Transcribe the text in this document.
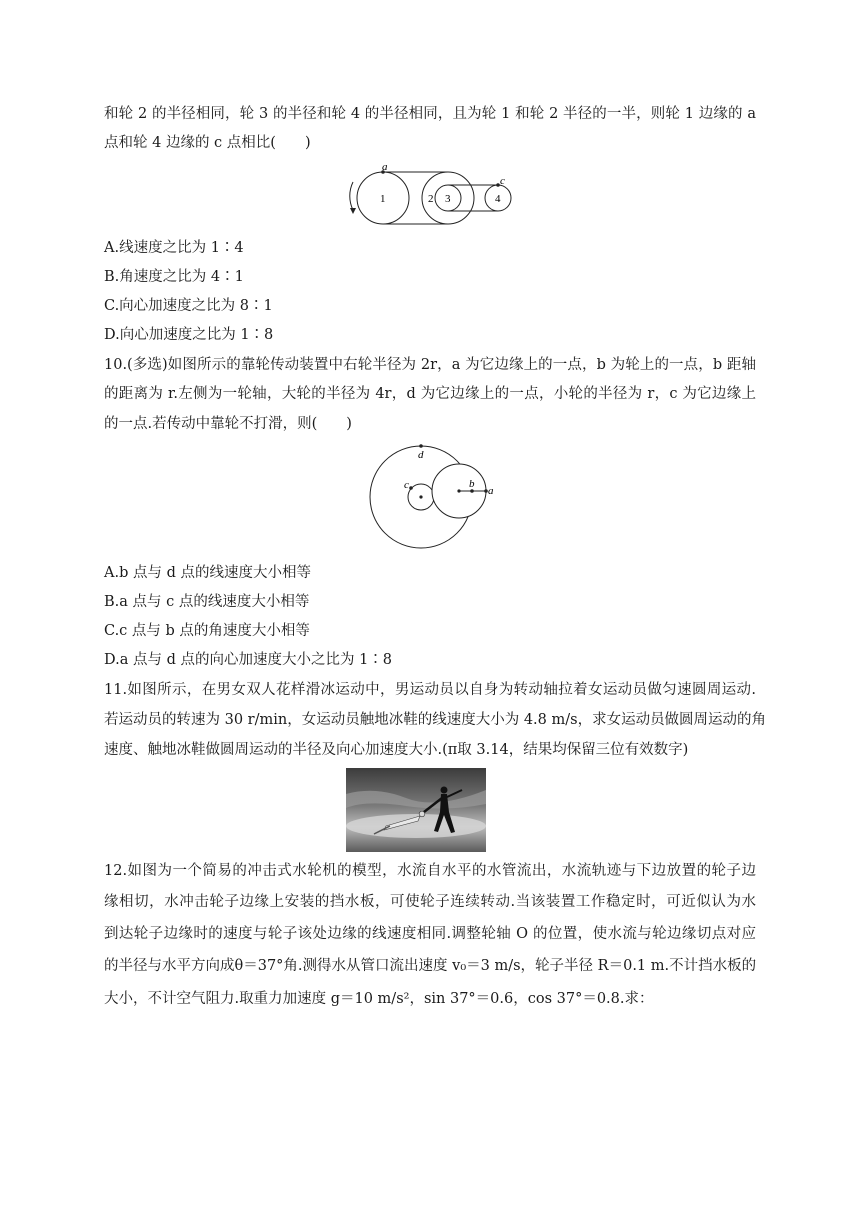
和轮 2 的半径相同，轮 3 的半径和轮 4 的半径相同，且为轮 1 和轮 2 半径的一半，则轮 1 边缘的 a
点和轮 4 边缘的 c 点相比(　　)
a
c
1	2 3	4
A.线速度之比为 1∶4
B.角速度之比为 4∶1
C.向心加速度之比为 8∶1
D.向心加速度之比为 1∶8
10.(多选)如图所示的靠轮传动装置中右轮半径为 2r，a 为它边缘上的一点，b 为轮上的一点，b 距轴
的距离为 r.左侧为一轮轴，大轮的半径为 4r，d 为它边缘上的一点，小轮的半径为 r，c 为它边缘上
的一点.若传动中靠轮不打滑，则(　　)
d
c	b
a
A.b 点与 d 点的线速度大小相等
B.a 点与 c 点的线速度大小相等
C.c 点与 b 点的角速度大小相等
D.a 点与 d 点的向心加速度大小之比为 1∶8
11.如图所示，在男女双人花样滑冰运动中，男运动员以自身为转动轴拉着女运动员做匀速圆周运动.
若运动员的转速为 30 r/min，女运动员触地冰鞋的线速度大小为 4.8 m/s，求女运动员做圆周运动的角
速度、触地冰鞋做圆周运动的半径及向心加速度大小.(π取 3.14，结果均保留三位有效数字)
12.如图为一个简易的冲击式水轮机的模型，水流自水平的水管流出，水流轨迹与下边放置的轮子边
缘相切，水冲击轮子边缘上安装的挡水板，可使轮子连续转动.当该装置工作稳定时，可近似认为水
到达轮子边缘时的速度与轮子该处边缘的线速度相同.调整轮轴 O 的位置，使水流与轮边缘切点对应
的半径与水平方向成θ＝37°角.测得水从管口流出速度 v₀＝3 m/s，轮子半径 R＝0.1 m.不计挡水板的
大小，不计空气阻力.取重力加速度 g＝10 m/s²，sin 37°＝0.6，cos 37°＝0.8.求：
